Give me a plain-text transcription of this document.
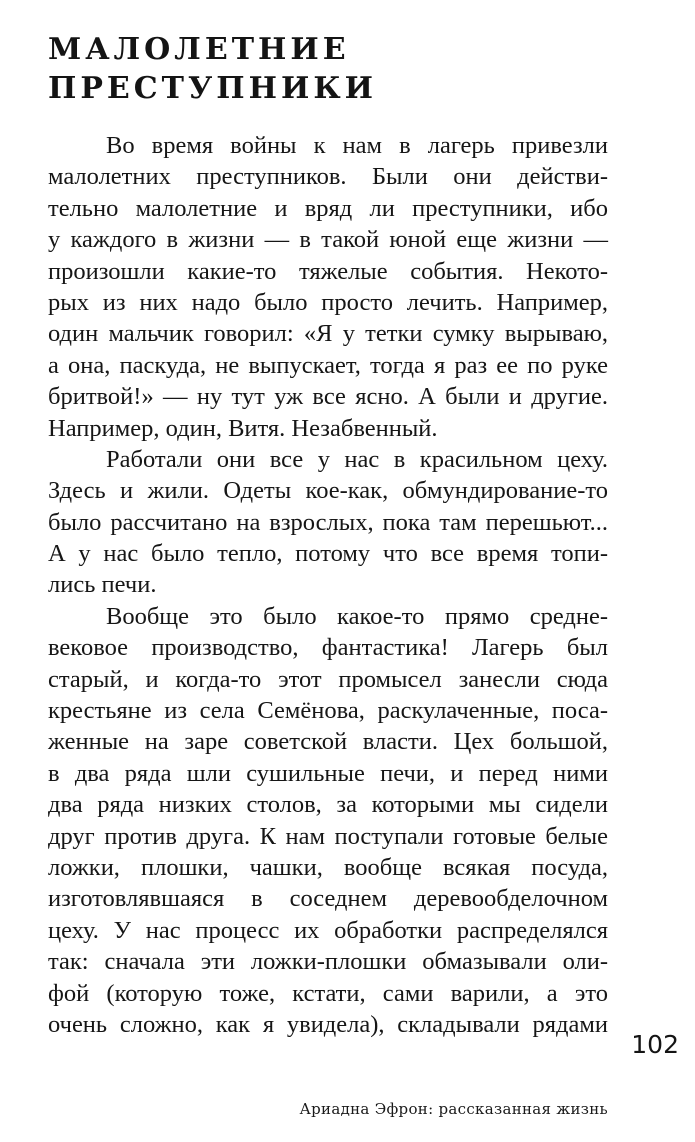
МАЛОЛЕТНИЕ
ПРЕСТУПНИКИ
Во время войны к нам в лагерь привезли
малолетних преступников. Были они действи-
тельно малолетние и вряд ли преступники, ибо
у каждого в жизни — в такой юной еще жизни —
произошли какие-то тяжелые события. Некото-
рых из них надо было просто лечить. Например,
один мальчик говорил: «Я у тетки сумку вырываю,
а она, паскуда, не выпускает, тогда я раз ее по руке
бритвой!» — ну тут уж все ясно. А были и другие.
Например, один, Витя. Незабвенный.
Работали они все у нас в красильном цеху.
Здесь и жили. Одеты кое-как, обмундирование-то
было рассчитано на взрослых, пока там перешьют...
А у нас было тепло, потому что все время топи-
лись печи.
Вообще это было какое-то прямо средне-
вековое производство, фантастика! Лагерь был
старый, и когда-то этот промысел занесли сюда
крестьяне из села Семёнова, раскулаченные, поса-
женные на заре советской власти. Цех большой,
в два ряда шли сушильные печи, и перед ними
два ряда низких столов, за которыми мы сидели
друг против друга. К нам поступали готовые белые
ложки, плошки, чашки, вообще всякая посуда,
изготовлявшаяся в соседнем деревообделочном
цеху. У нас процесс их обработки распределялся
так: сначала эти ложки-плошки обмазывали оли-
фой (которую тоже, кстати, сами варили, а это
очень сложно, как я увидела), складывали рядами
102
Ариадна Эфрон: рассказанная жизнь
